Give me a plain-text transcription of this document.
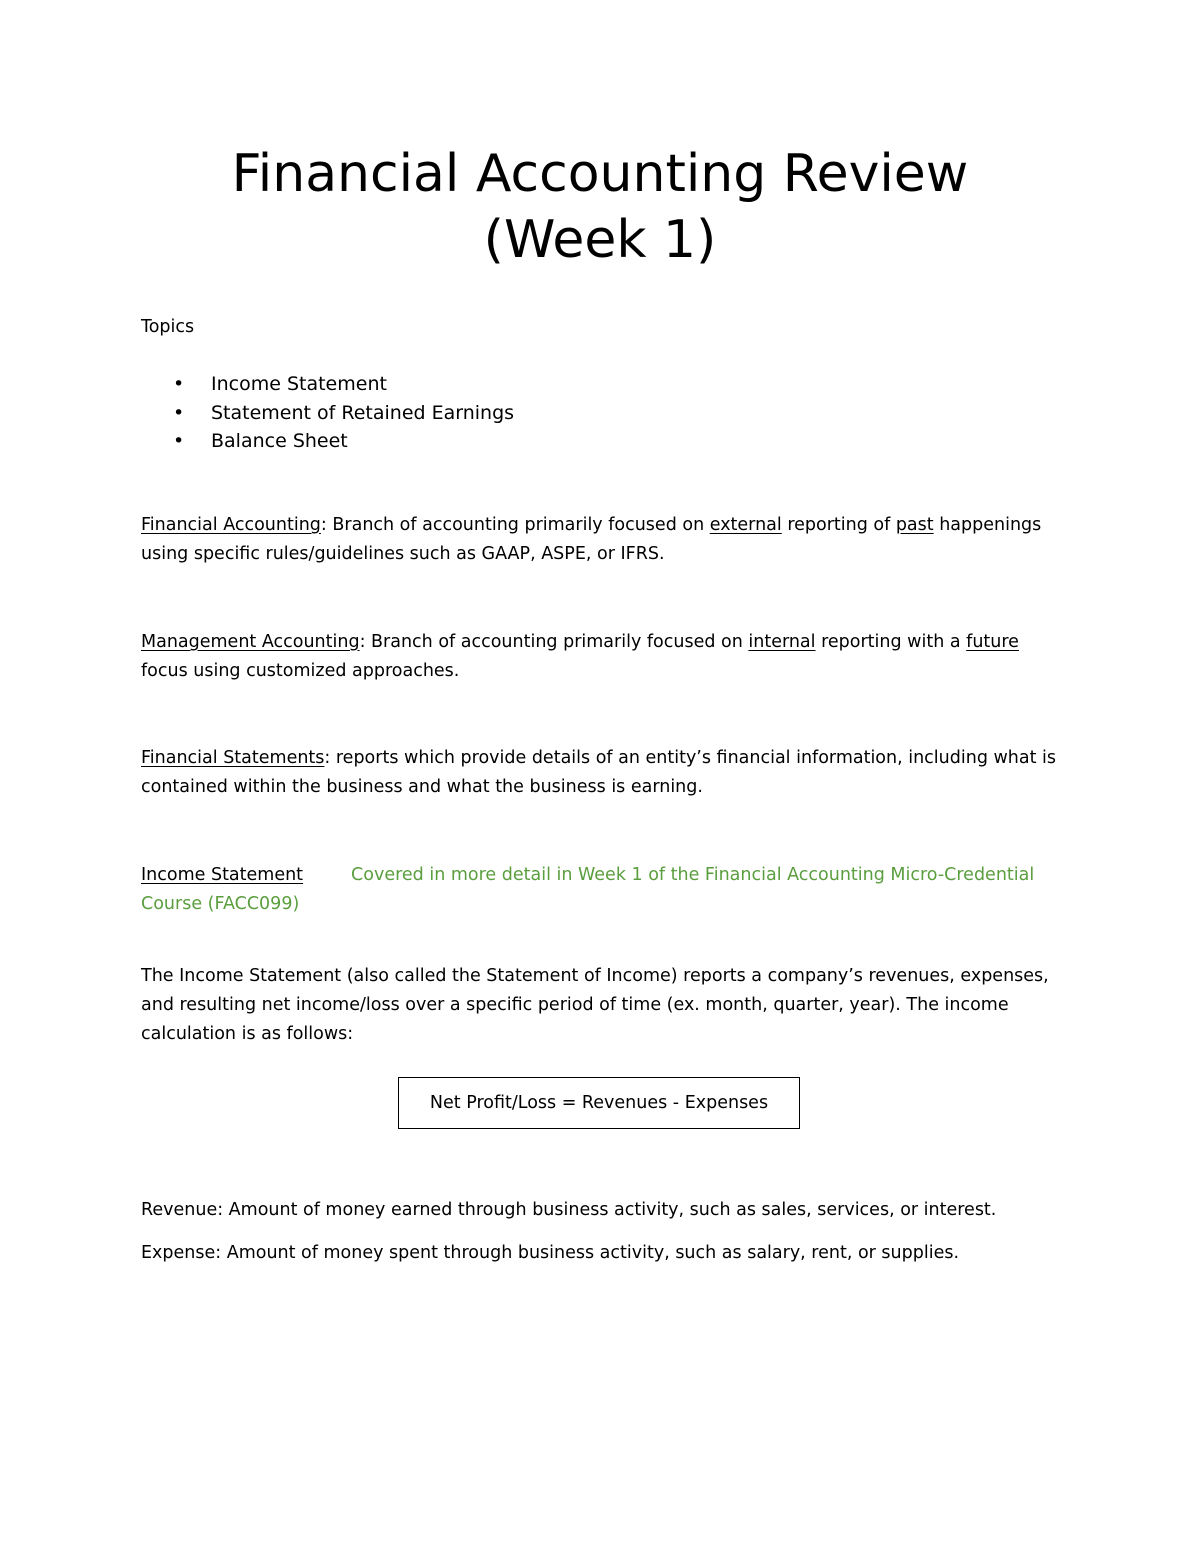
Financial Accounting Review
(Week 1)

Topics

• Income Statement
• Statement of Retained Earnings
• Balance Sheet

Financial Accounting: Branch of accounting primarily focused on external reporting of past happenings

using specific rules/guidelines such as GAAP, ASPE, or IFRS.

Management Accounting: Branch of accounting primarily focused on internal reporting with a future

focus using customized approaches.

Financial Statements: reports which provide details of an entity’s financial information, including what is

contained within the business and what the business is earning.

Income Statement	Covered in more detail in Week 1 of the Financial Accounting Micro-Credential

Course (FACC099)

The Income Statement (also called the Statement of Income) reports a company’s revenues, expenses,

and resulting net income/loss over a specific period of time (ex. month, quarter, year). The income

calculation is as follows:

Net Profit/Loss = Revenues - Expenses

Revenue: Amount of money earned through business activity, such as sales, services, or interest.

Expense: Amount of money spent through business activity, such as salary, rent, or supplies.
